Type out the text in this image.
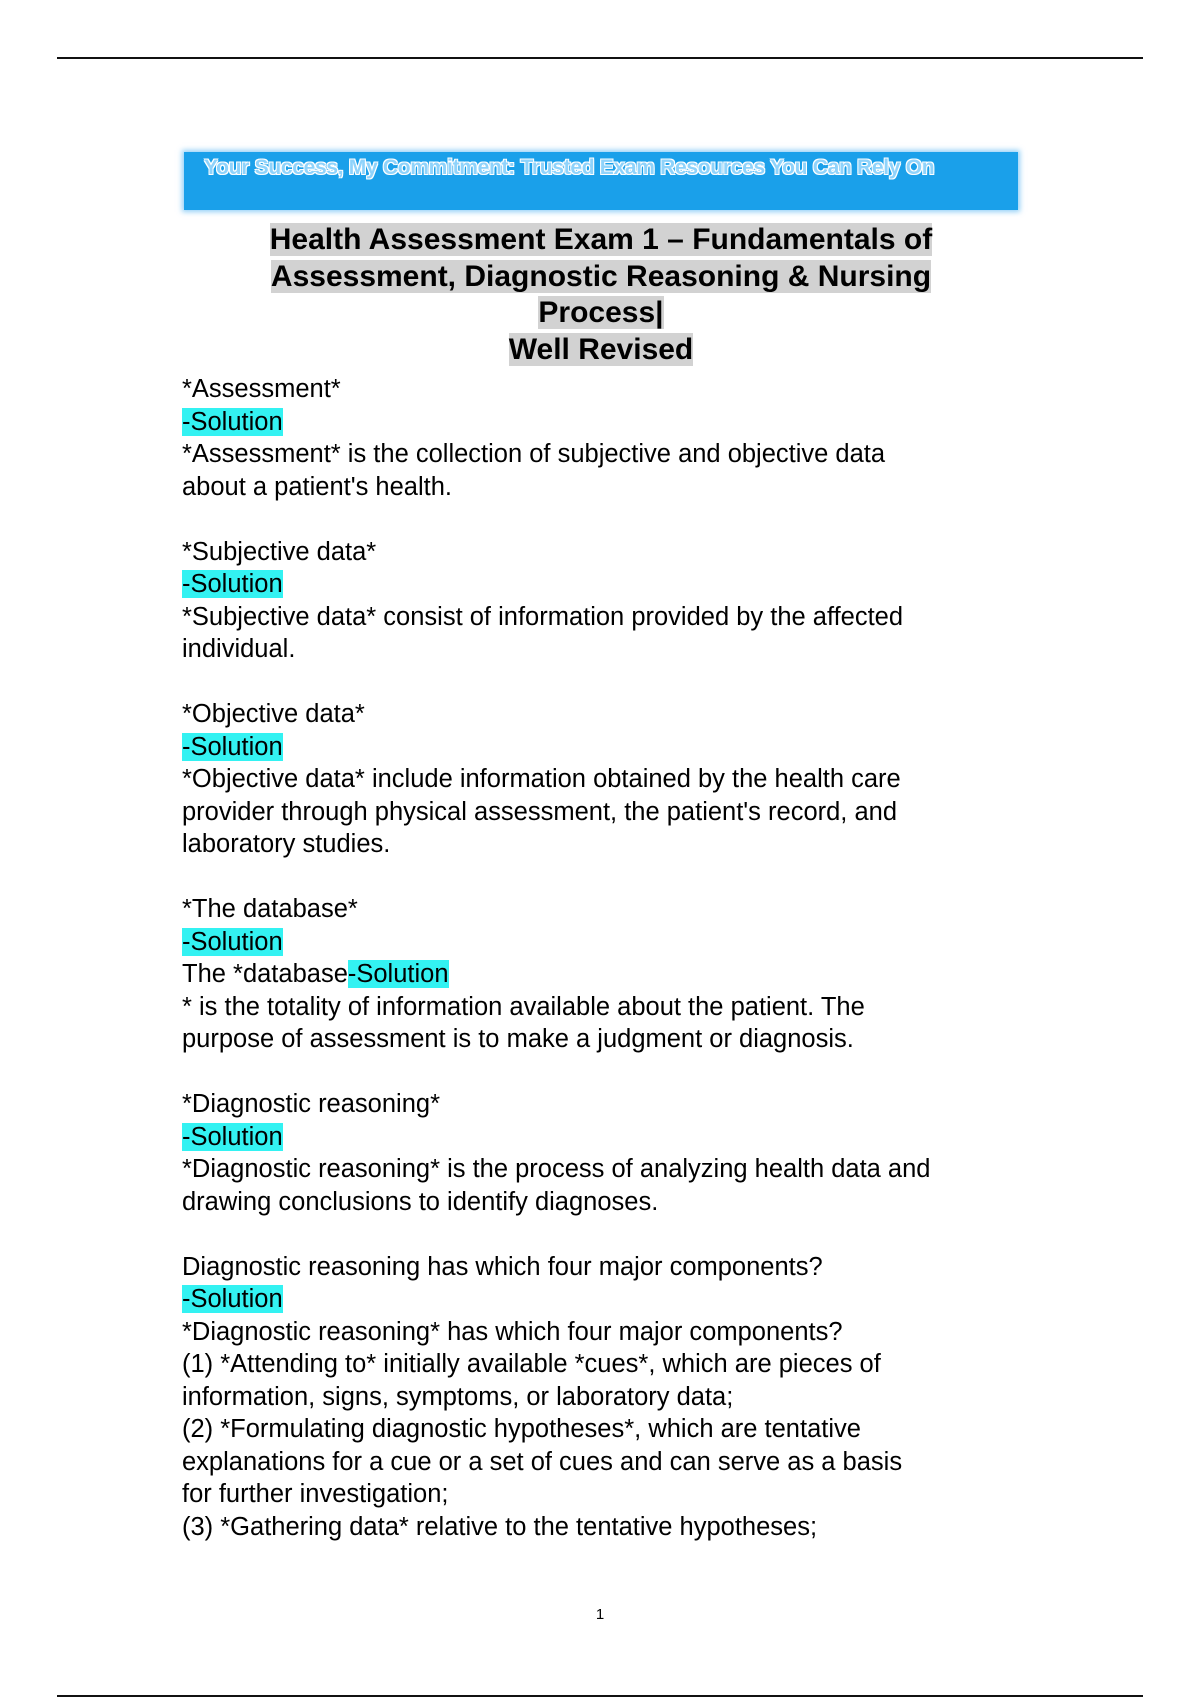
Your Success, My Commitment: Trusted Exam Resources You Can Rely On
Health Assessment Exam 1 – Fundamentals of
Assessment, Diagnostic Reasoning & Nursing
Process|
Well Revised
*Assessment*
-Solution
*Assessment* is the collection of subjective and objective data
about a patient's health.
*Subjective data*
-Solution
*Subjective data* consist of information provided by the affected
individual.
*Objective data*
-Solution
*Objective data* include information obtained by the health care
provider through physical assessment, the patient's record, and
laboratory studies.
*The database*
-Solution
The *database-Solution
* is the totality of information available about the patient. The
purpose of assessment is to make a judgment or diagnosis.
*Diagnostic reasoning*
-Solution
*Diagnostic reasoning* is the process of analyzing health data and
drawing conclusions to identify diagnoses.
Diagnostic reasoning has which four major components?
-Solution
*Diagnostic reasoning* has which four major components?
(1) *Attending to* initially available *cues*, which are pieces of
information, signs, symptoms, or laboratory data;
(2) *Formulating diagnostic hypotheses*, which are tentative
explanations for a cue or a set of cues and can serve as a basis
for further investigation;
(3) *Gathering data* relative to the tentative hypotheses;
1
